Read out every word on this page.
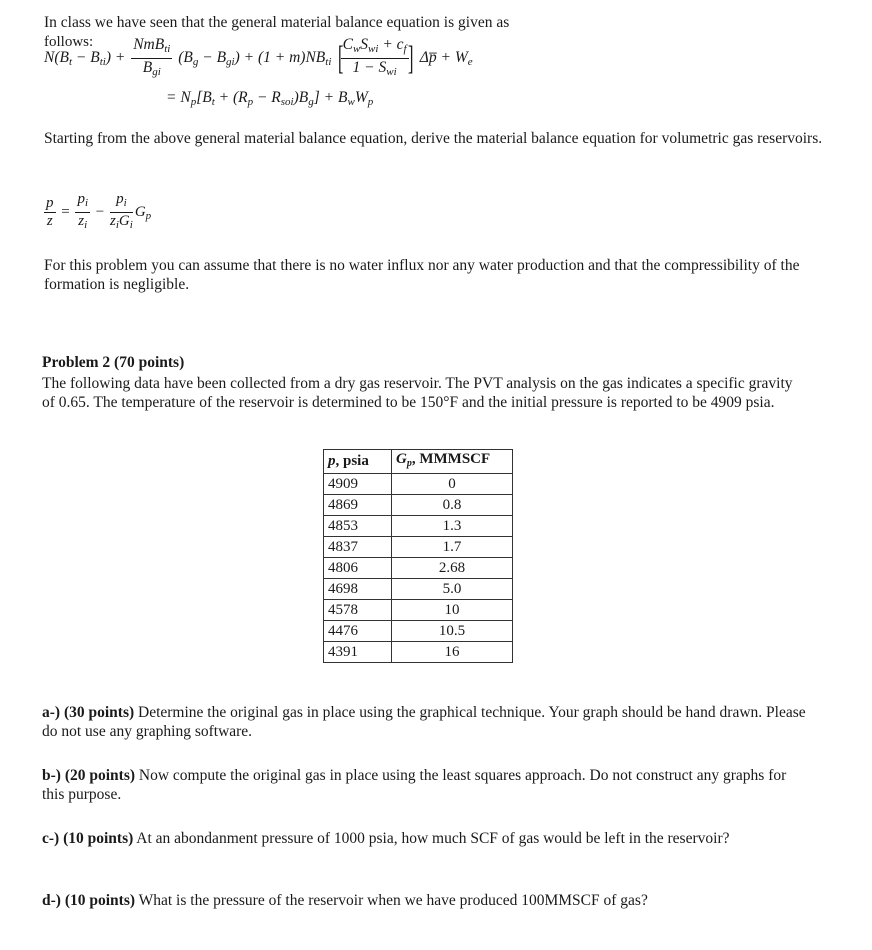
In class we have seen that the general material balance equation is given as
follows:
$N(B_t - B_{ti}) + \frac{NmB_{ti}}{B_{gi}} (B_g - B_{gi}) + (1 + m)NB_{ti}$ [
$\frac{C_wS_{wi} + c_f}{1 - S_{wi}}$
] Δp̅ + $W_e$
= $N_p[B_t + (R_p - R_{soi})B_g] + B_wW_p$
Starting from the above general material balance equation, derive the material balance equation for volumetric gas reservoirs.
$\frac{p}{z} = \frac{p_i}{z_i} - \frac{p_i}{z_iG_i} G_p$
For this problem you can assume that there is no water influx nor any water production and that the compressibility of the formation is negligible.
Problem 2 (70 points)
The following data have been collected from a dry gas reservoir. The PVT analysis on the gas indicates a specific gravity of 0.65. The temperature of the reservoir is determined to be 150°F and the initial pressure is reported to be 4909 psia.
p, psia	$G_p$, MMMSCF
4909	0
4869	0.8
4853	1.3
4837	1.7
4806	2.68
4698	5.0
4578	10
4476	10.5
4391	16
a-) (30 points) Determine the original gas in place using the graphical technique. Your graph should be hand drawn. Please do not use any graphing software.
b-) (20 points) Now compute the original gas in place using the least squares approach. Do not construct any graphs for this purpose.
c-) (10 points) At an abondanment pressure of 1000 psia, how much SCF of gas would be left in the reservoir?
d-) (10 points) What is the pressure of the reservoir when we have produced 100MMSCF of gas?
